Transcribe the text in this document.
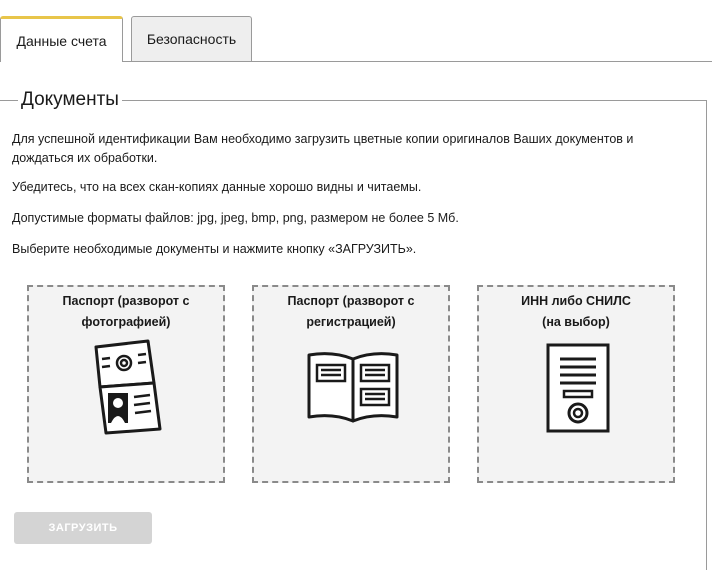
Данные счета	Безопасность
Документы

Для успешной идентификации Вам необходимо загрузить цветные копии оригиналов Ваших документов и дождаться их обработки.

Убедитесь, что на всех скан-копиях данные хорошо видны и читаемы.

Допустимые форматы файлов: jpg, jpeg, bmp, png, размером не более 5 Мб.

Выберите необходимые документы и нажмите кнопку «ЗАГРУЗИТЬ».

Паспорт (разворот с
фотографией)
Паспорт (разворот с
регистрацией)
ИНН либо СНИЛС
(на выбор)
ЗАГРУЗИТЬ
